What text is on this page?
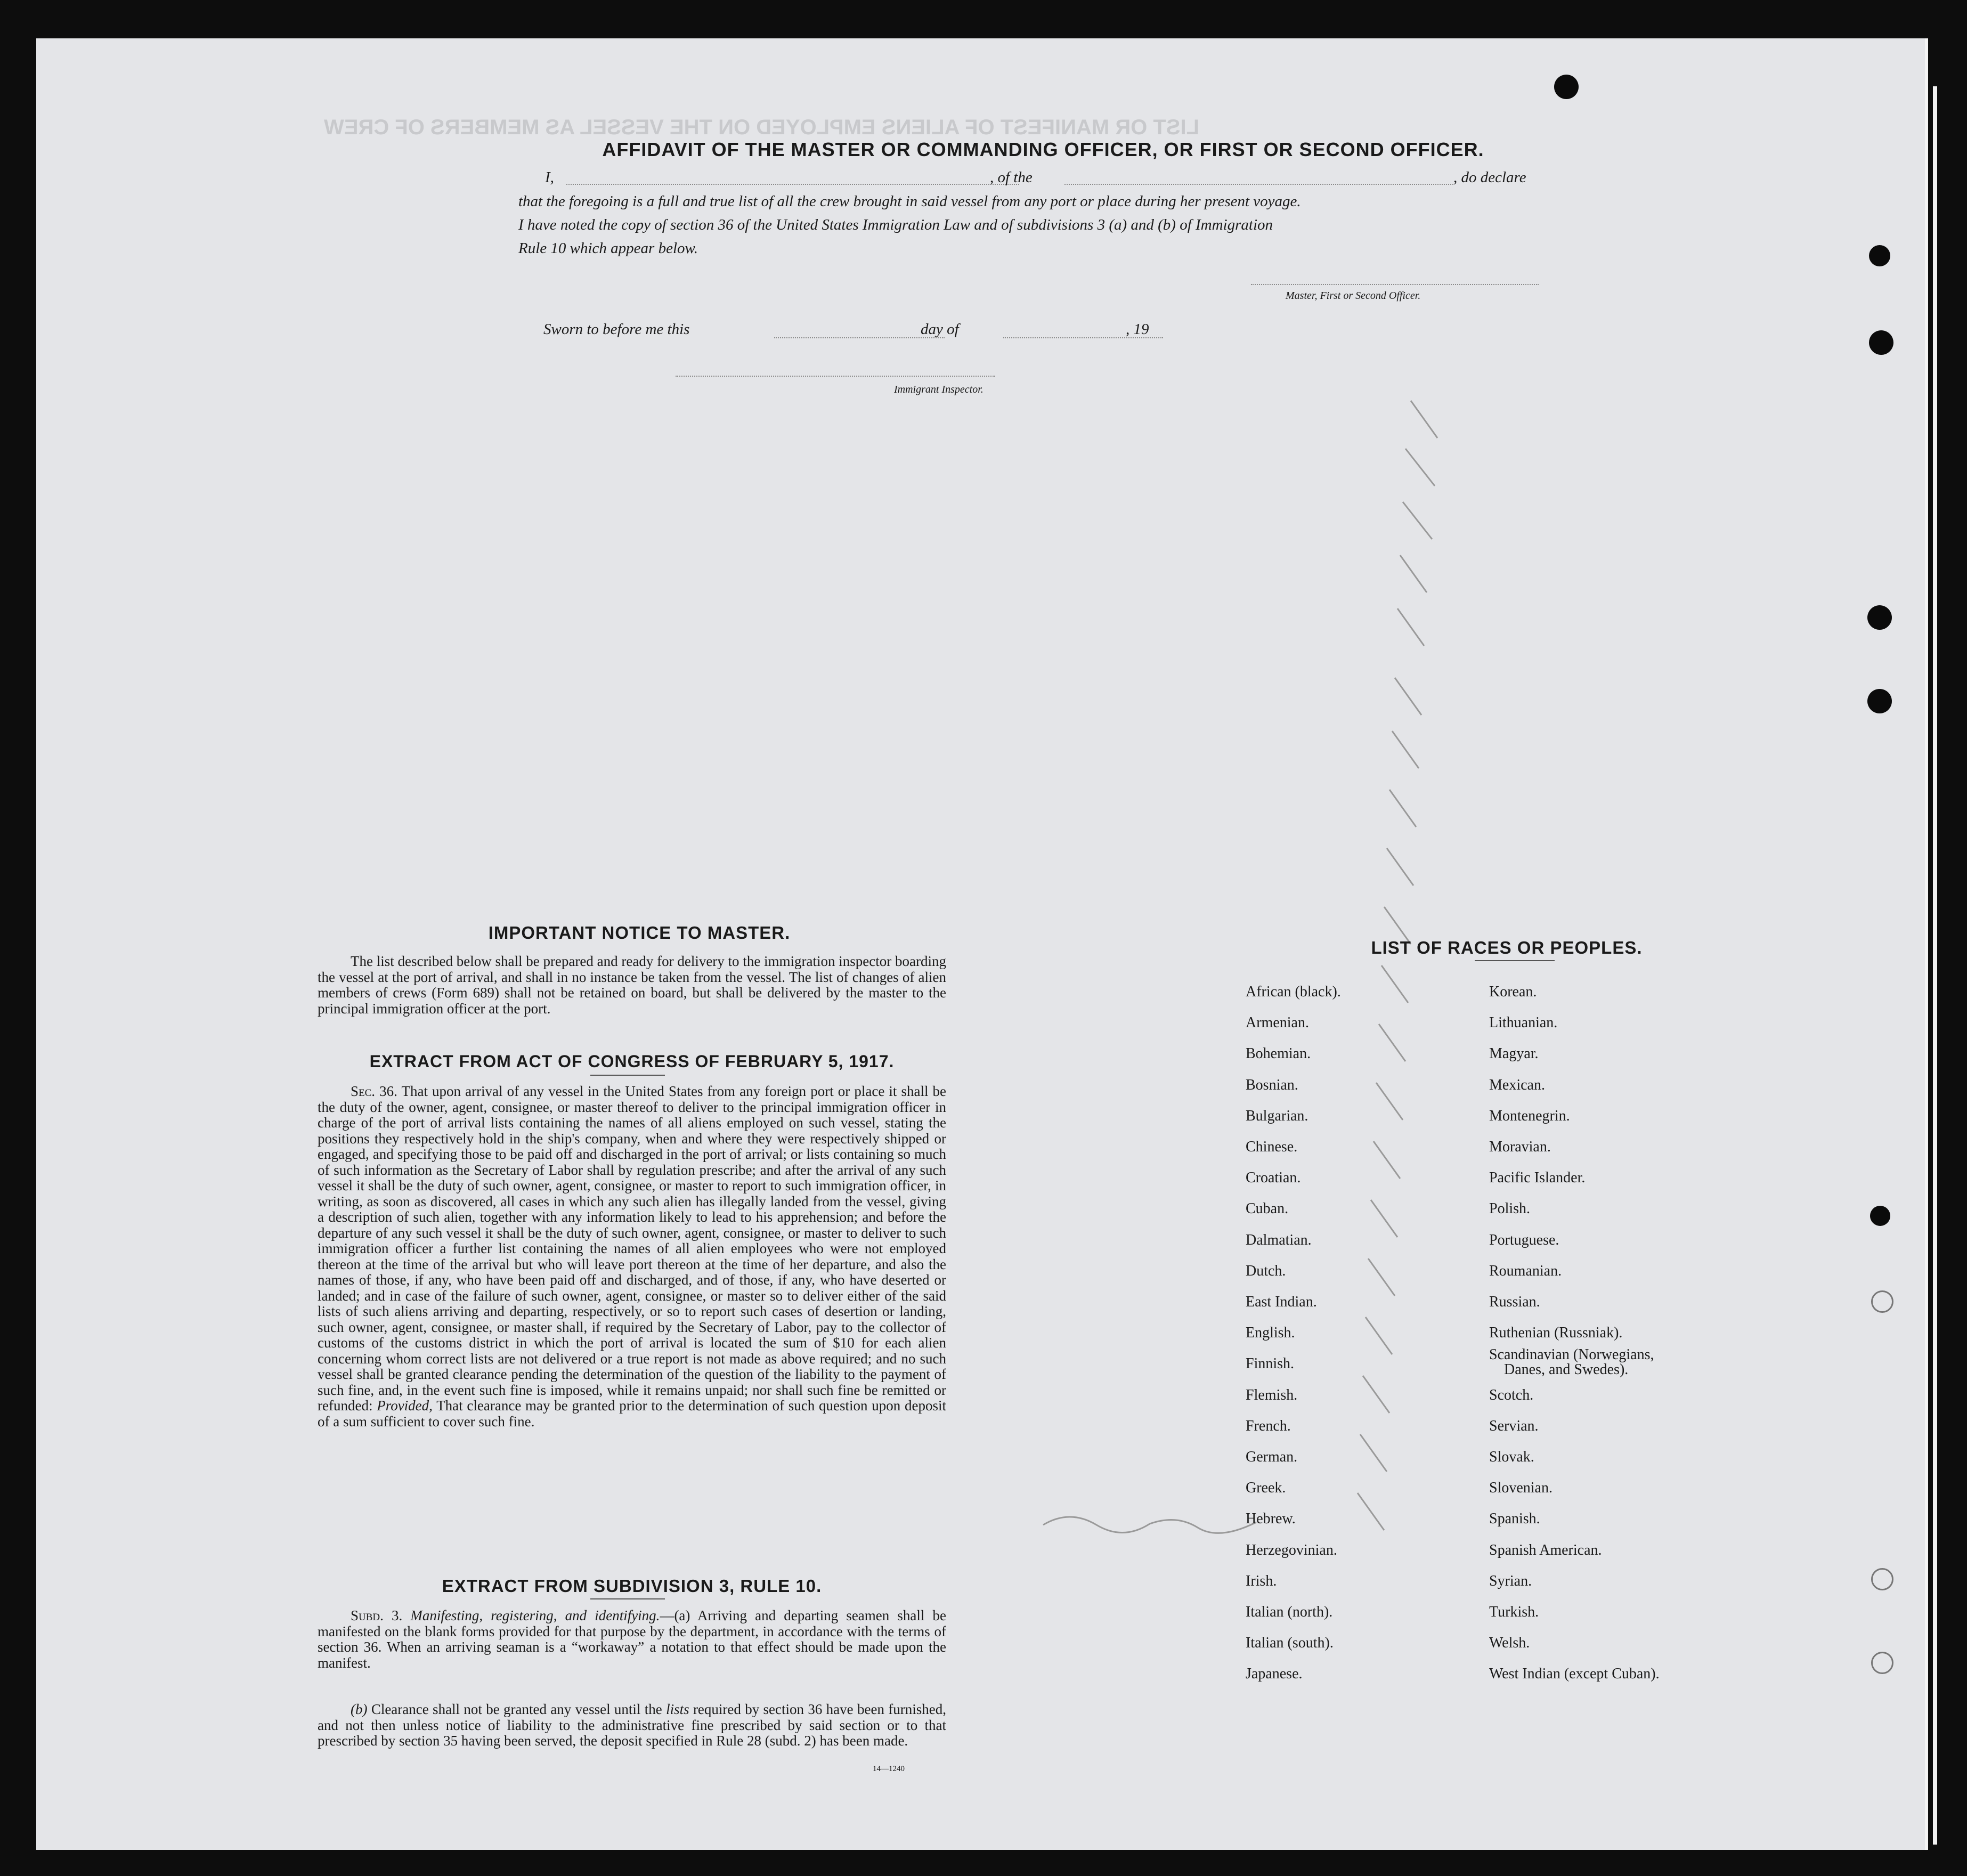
LIST OR MANIFEST OF ALIENS EMPLOYED ON THE VESSEL AS MEMBERS OF CREW
AFFIDAVIT OF THE MASTER OR COMMANDING OFFICER, OR FIRST OR SECOND OFFICER.
I,	, of the	, do declare
that the foregoing is a full and true list of all the crew brought in said vessel from any port or place during her present voyage.
I have noted the copy of section 36 of the United States Immigration Law and of subdivisions 3 (a) and (b) of Immigration
Rule 10 which appear below.
Master, First or Second Officer.
Sworn to before me this	day of	, 19
Immigrant Inspector.
IMPORTANT NOTICE TO MASTER.

The list described below shall be prepared and ready for delivery to the immigration inspector boarding the vessel at the port of arrival, and shall in no instance be taken from the vessel. The list of changes of alien members of crews (Form 689) shall not be retained on board, but shall be delivered by the master to the principal immigration officer at the port.

EXTRACT FROM ACT OF CONGRESS OF FEBRUARY 5, 1917.

Sec. 36. That upon arrival of any vessel in the United States from any foreign port or place it shall be the duty of the owner, agent, consignee, or master thereof to deliver to the principal immigration officer in charge of the port of arrival lists containing the names of all aliens employed on such vessel, stating the positions they respectively hold in the ship's company, when and where they were respectively shipped or engaged, and specifying those to be paid off and discharged in the port of arrival; or lists containing so much of such information as the Secretary of Labor shall by regulation prescribe; and after the arrival of any such vessel it shall be the duty of such owner, agent, consignee, or master to report to such immigration officer, in writing, as soon as discovered, all cases in which any such alien has illegally landed from the vessel, giving a description of such alien, together with any information likely to lead to his apprehension; and before the departure of any such vessel it shall be the duty of such owner, agent, consignee, or master to deliver to such immigration officer a further list containing the names of all alien employees who were not employed thereon at the time of the arrival but who will leave port thereon at the time of her departure, and also the names of those, if any, who have been paid off and discharged, and of those, if any, who have deserted or landed; and in case of the failure of such owner, agent, consignee, or master so to deliver either of the said lists of such aliens arriving and departing, respectively, or so to report such cases of desertion or landing, such owner, agent, consignee, or master shall, if required by the Secretary of Labor, pay to the collector of customs of the customs district in which the port of arrival is located the sum of $10 for each alien concerning whom correct lists are not delivered or a true report is not made as above required; and no such vessel shall be granted clearance pending the determination of the question of the liability to the payment of such fine, and, in the event such fine is imposed, while it remains unpaid; nor shall such fine be remitted or refunded: Provided, That clearance may be granted prior to the determination of such question upon deposit of a sum sufficient to cover such fine.

EXTRACT FROM SUBDIVISION 3, RULE 10.

Subd. 3. Manifesting, registering, and identifying.—(a) Arriving and departing seamen shall be manifested on the blank forms provided for that purpose by the department, in accordance with the terms of section 36. When an arriving seaman is a “workaway” a notation to that effect should be made upon the manifest.

(b) Clearance shall not be granted any vessel until the lists required by section 36 have been furnished, and not then unless notice of liability to the administrative fine prescribed by said section or to that prescribed by section 35 having been served, the deposit specified in Rule 28 (subd. 2) has been made.

14—1240
LIST OF RACES OR PEOPLES.
African (black).
Armenian.
Bohemian.
Bosnian.
Bulgarian.
Chinese.
Croatian.
Cuban.
Dalmatian.
Dutch.
East Indian.
English.
Finnish.
Flemish.
French.
German.
Greek.
Hebrew.
Herzegovinian.
Irish.
Italian (north).
Italian (south).
Japanese.
Korean.
Lithuanian.
Magyar.
Mexican.
Montenegrin.
Moravian.
Pacific Islander.
Polish.
Portuguese.
Roumanian.
Russian.
Ruthenian (Russniak).
Scandinavian (Norwegians,
Danes, and Swedes).
Scotch.
Servian.
Slovak.
Slovenian.
Spanish.
Spanish American.
Syrian.
Turkish.
Welsh.
West Indian (except Cuban).
